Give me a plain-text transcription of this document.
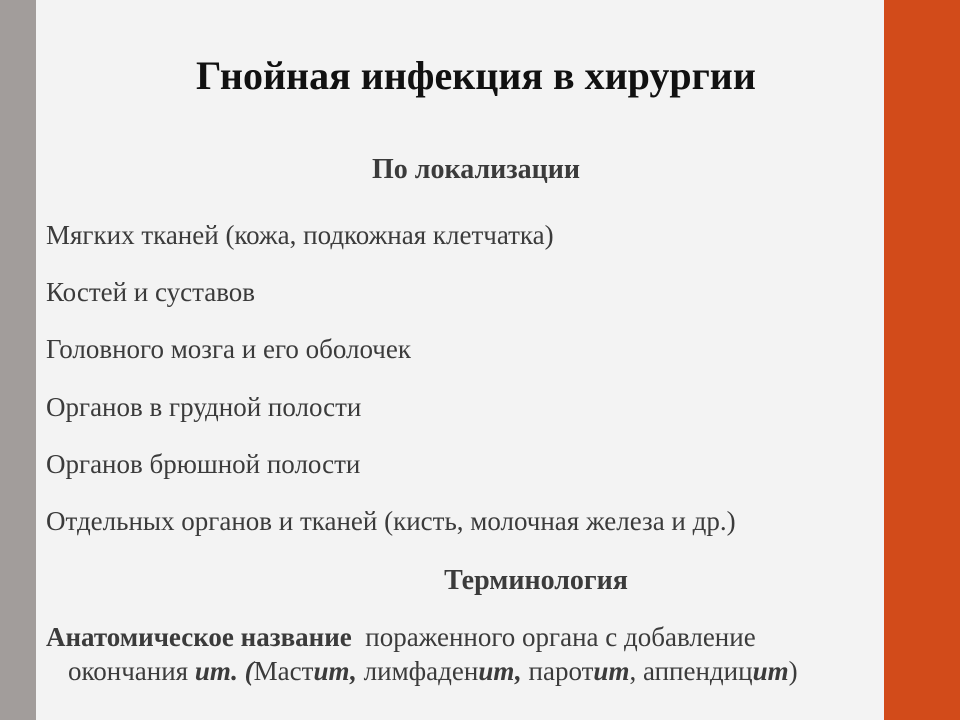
Гнойная инфекция в хирургии
По локализации
Мягких тканей (кожа, подкожная клетчатка)
Костей и суставов
Головного мозга и его оболочек
Органов в грудной полости
Органов брюшной полости
Отдельных органов и тканей (кисть, молочная железа и др.)
Терминология

Анатомическое название пораженного органа с добавление
окончания ит. (Мастит, лимфаденит, паротит, аппендицит)
